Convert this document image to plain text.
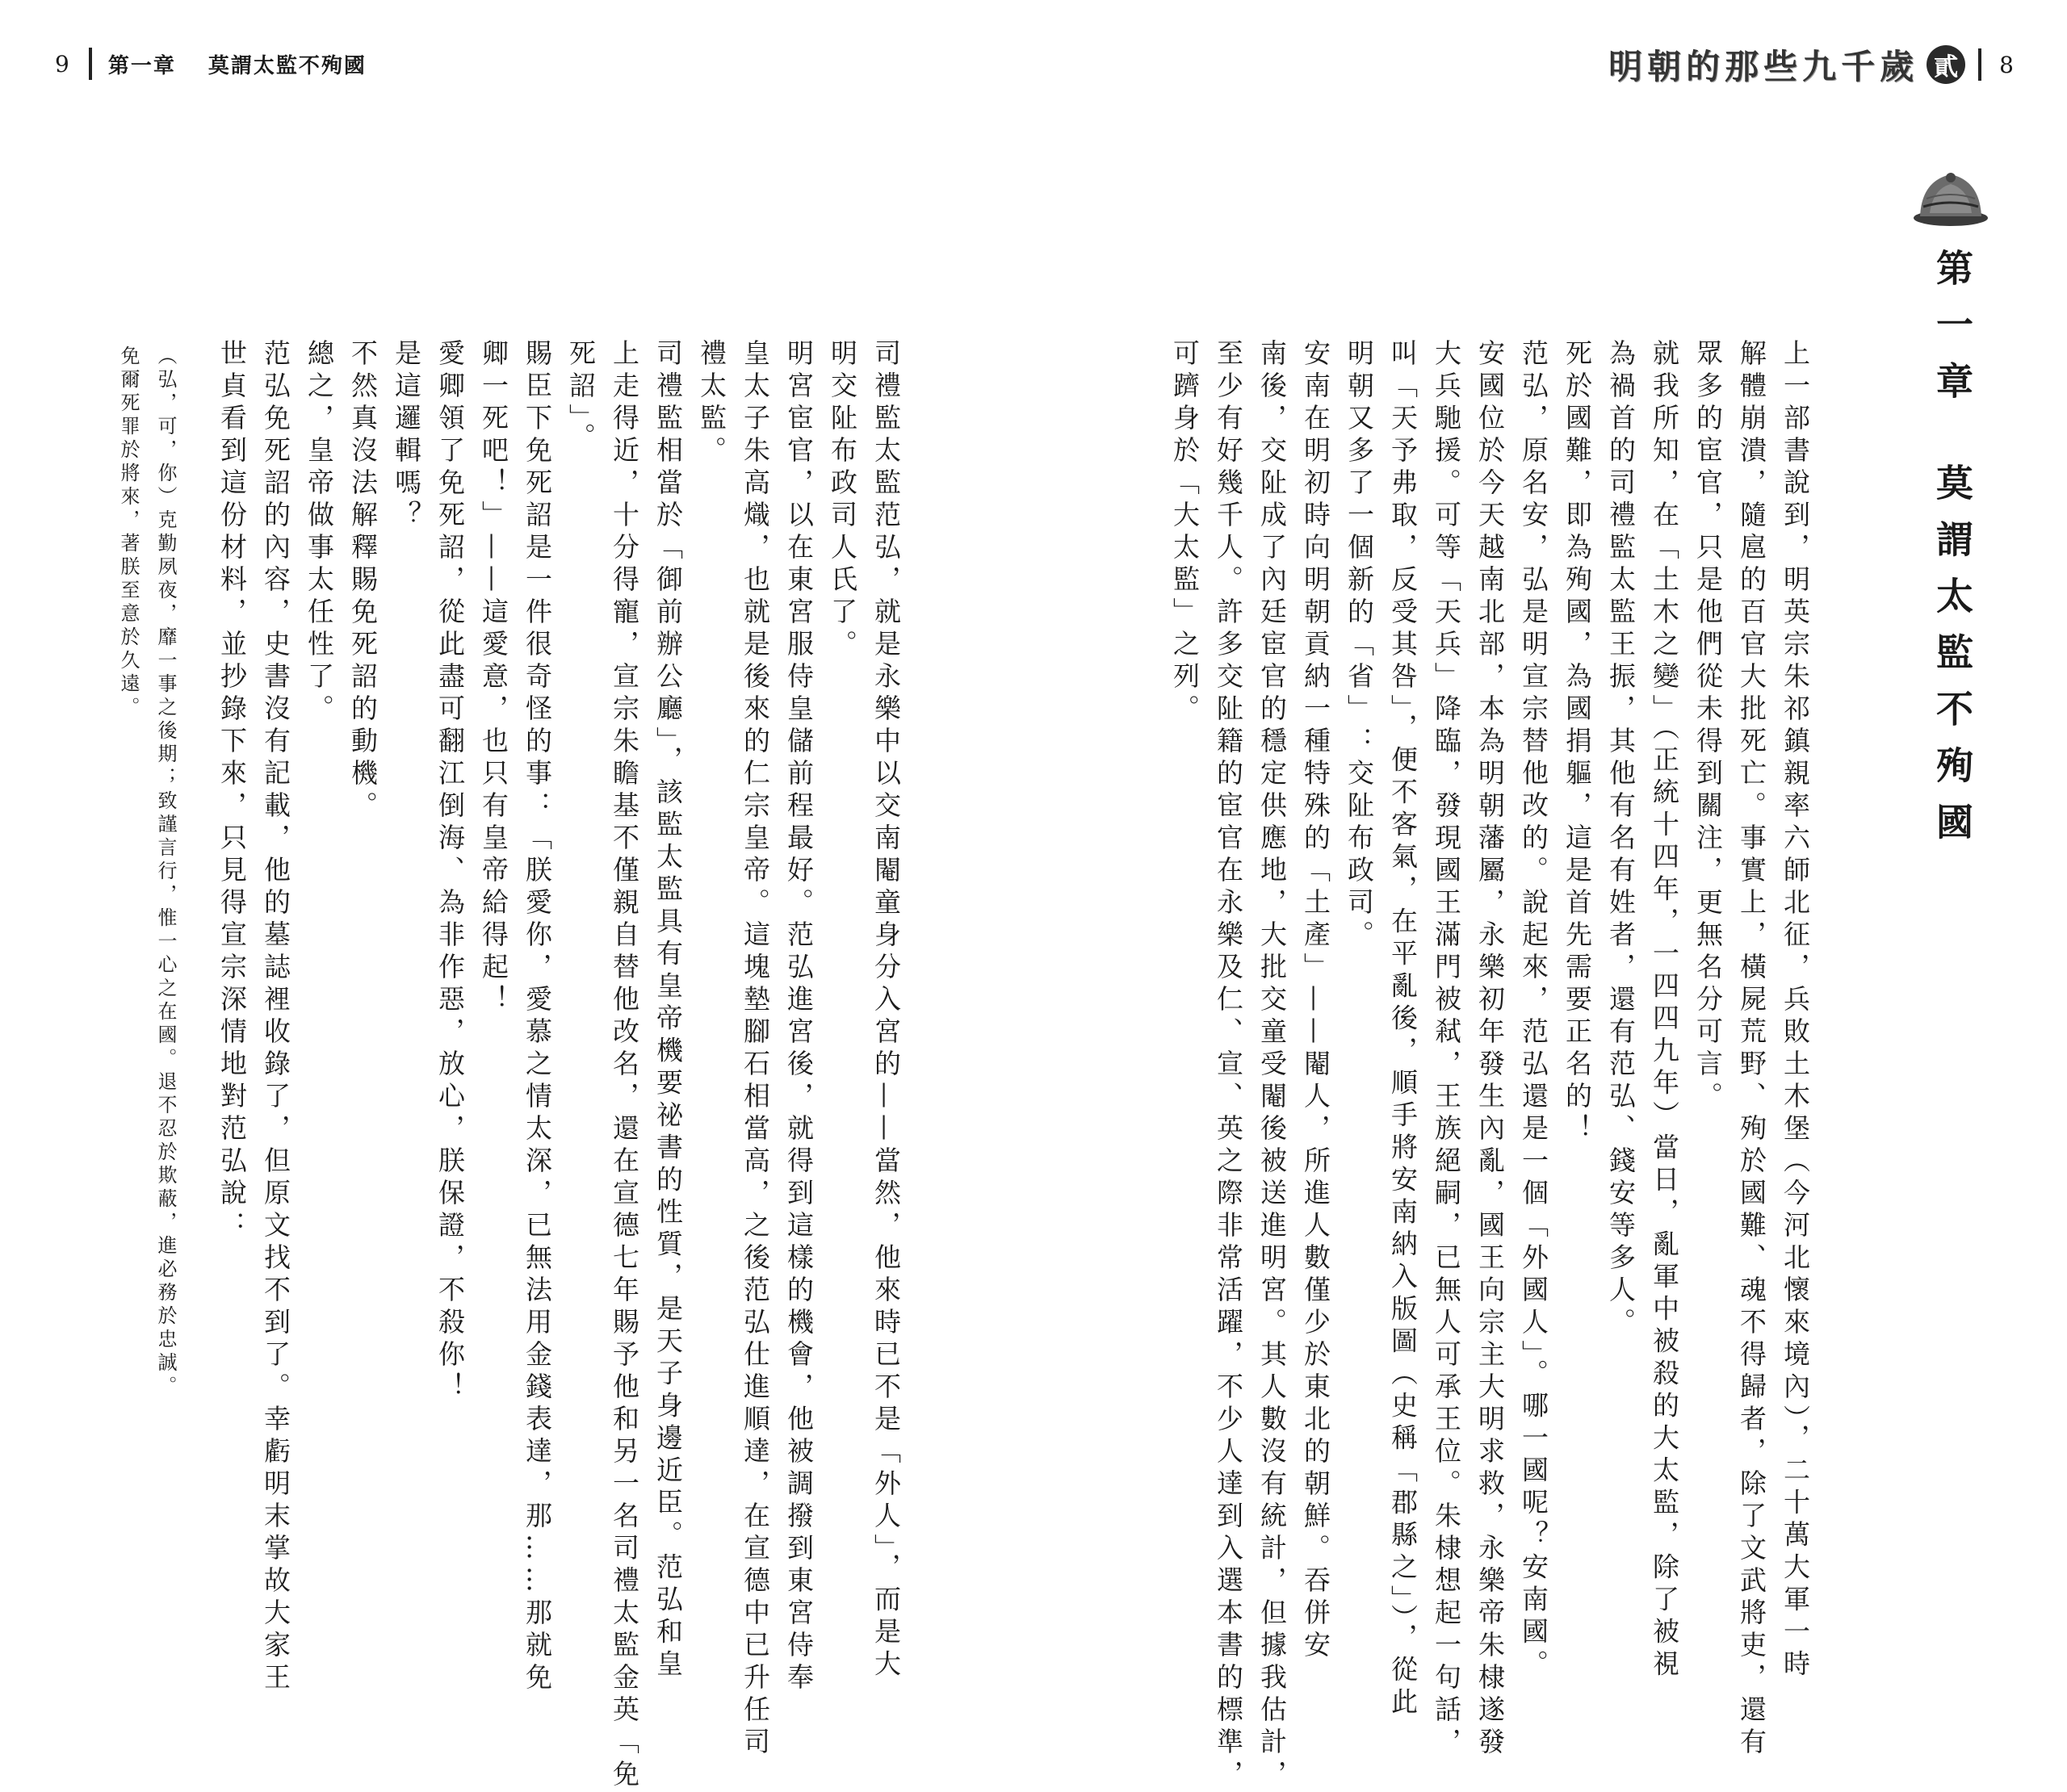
9 第一章 莫謂太監不殉國	明朝的那些九千歲 貳	8
第一章
莫謂太監不殉國
上一部書說到，明英宗朱祁鎮親率六師北征，兵敗土木堡（今河北懷來境內），二十萬大軍一時
解體崩潰，隨扈的百官大批死亡。事實上，橫屍荒野、殉於國難、魂不得歸者，除了文武將吏，還有
眾多的宦官，只是他們從未得到關注，更無名分可言。
就我所知，在「土木之變」（正統十四年，一四四九年）當日，亂軍中被殺的大太監，除了被視
為禍首的司禮監太監王振，其他有名有姓者，還有范弘、錢安等多人。
死於國難，即為殉國，為國捐軀，這是首先需要正名的！
范弘，原名安，弘是明宣宗替他改的。說起來，范弘還是一個「外國人」。哪一國呢？安南國。
安國位於今天越南北部，本為明朝藩屬，永樂初年發生內亂，國王向宗主大明求救，永樂帝朱棣遂發
大兵馳援。可等「天兵」降臨，發現國王滿門被弒，王族絕嗣，已無人可承王位。朱棣想起一句話，
叫「天予弗取，反受其咎」，便不客氣，在平亂後，順手將安南納入版圖（史稱「郡縣之」），從此
明朝又多了一個新的「省」：交阯布政司。
安南在明初時向明朝貢納一種特殊的「土產」——閹人，所進人數僅少於東北的朝鮮。吞併安
南後，交阯成了內廷宦官的穩定供應地，大批交童受閹後被送進明宮。其人數沒有統計，但據我估計，
至少有好幾千人。許多交阯籍的宦官在永樂及仁、宣、英之際非常活躍，不少人達到入選本書的標準，
可躋身於「大太監」之列。
司禮監太監范弘，就是永樂中以交南閹童身分入宮的——當然，他來時已不是「外人」，而是大
明交阯布政司人氏了。
明宮宦官，以在東宮服侍皇儲前程最好。范弘進宮後，就得到這樣的機會，他被調撥到東宮侍奉
皇太子朱高熾，也就是後來的仁宗皇帝。這塊墊腳石相當高，之後范弘仕進順達，在宣德中已升任司
禮太監。
司禮監相當於「御前辦公廳」，該監太監具有皇帝機要祕書的性質，是天子身邊近臣。范弘和皇
上走得近，十分得寵，宣宗朱瞻基不僅親自替他改名，還在宣德七年賜予他和另一名司禮太監金英「免
死詔」。
賜臣下免死詔是一件很奇怪的事：「朕愛你，愛慕之情太深，已無法用金錢表達，那……那就免
卿一死吧！」——這愛意，也只有皇帝給得起！
愛卿領了免死詔，從此盡可翻江倒海、為非作惡，放心，朕保證，不殺你！
是這邏輯嗎？
不然真沒法解釋賜免死詔的動機。
總之，皇帝做事太任性了。
范弘免死詔的內容，史書沒有記載，他的墓誌裡收錄了，但原文找不到了。幸虧明末掌故大家王
世貞看到這份材料，並抄錄下來，只見得宣宗深情地對范弘說：
（弘，可，你）克勤夙夜，靡一事之後期；致謹言行，惟一心之在國。退不忍於欺蔽，進必務於忠誠。
免爾死罪於將來，著朕至意於久遠。
